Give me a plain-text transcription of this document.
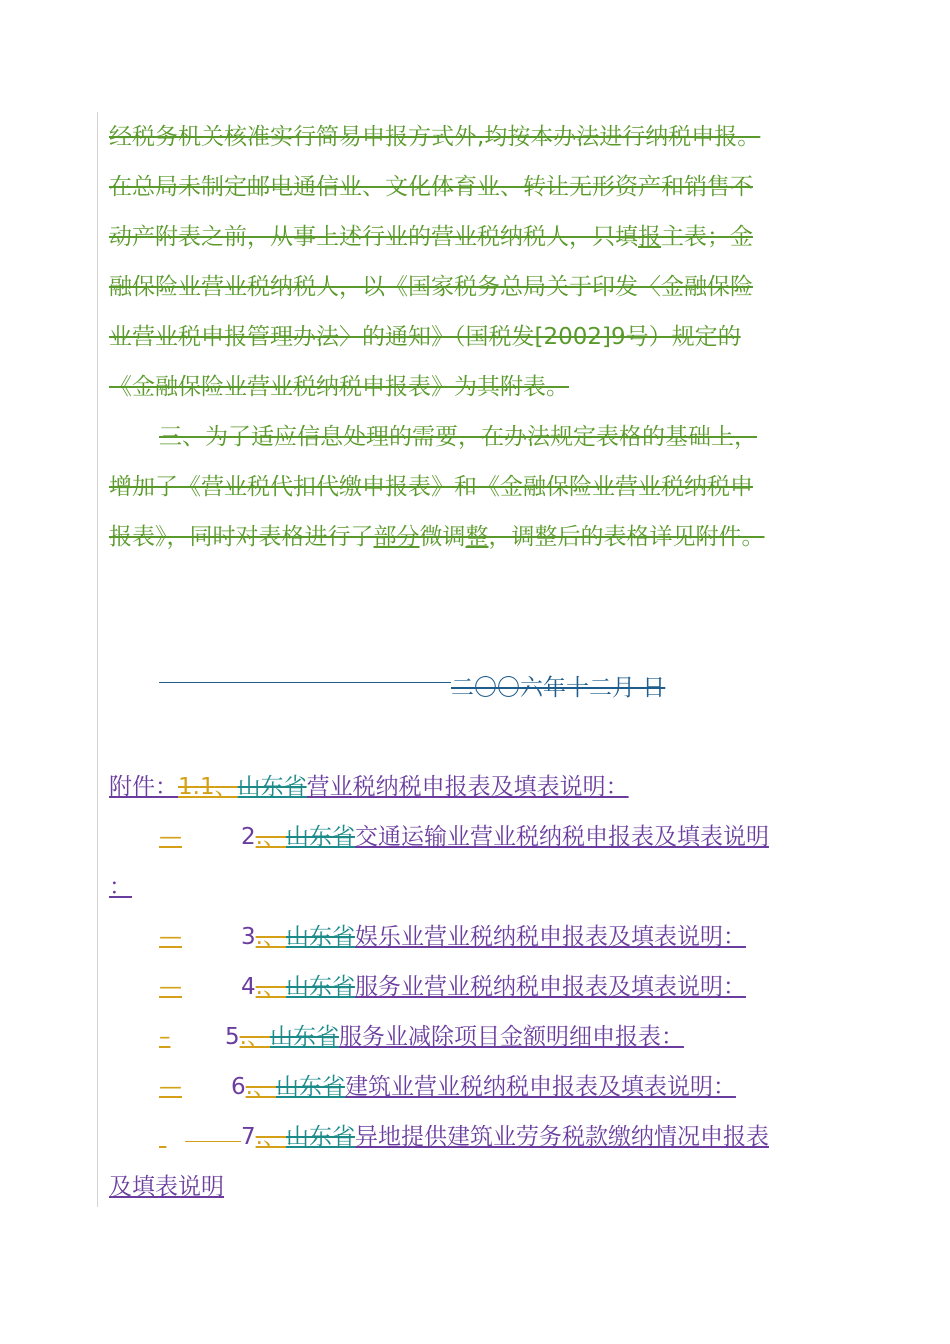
经税务机关核准实行简易申报方式外,均按本办法进行纳税申报。
在总局未制定邮电通信业、文化体育业、转让无形资产和销售不
动产附表之前，从事上述行业的营业税纳税人，只填报主表；金
融保险业营业税纳税人，以《国家税务总局关于印发〈金融保险
业营业税申报管理办法〉的通知》（国税发[2002]9号）规定的
《金融保险业营业税纳税申报表》为其附表。
三、为了适应信息处理的需要，在办法规定表格的基础上，
增加了《营业税代扣代缴申报表》和《金融保险业营业税纳税申
报表》，同时对表格进行了部分微调整，调整后的表格详见附件。
二〇〇六年十二月 日
附件：1.1、山东省营业税纳税申报表及填表说明：
—	2.、山东省交通运输业营业税纳税申报表及填表说明
：
—	3.、山东省娱乐业营业税纳税申报表及填表说明：
—	4.、山东省服务业营业税纳税申报表及填表说明：
– 5.、山东省服务业减除项目金额明细申报表：
— 6.、山东省建筑业营业税纳税申报表及填表说明：
7.、山东省异地提供建筑业劳务税款缴纳情况申报表
及填表说明
